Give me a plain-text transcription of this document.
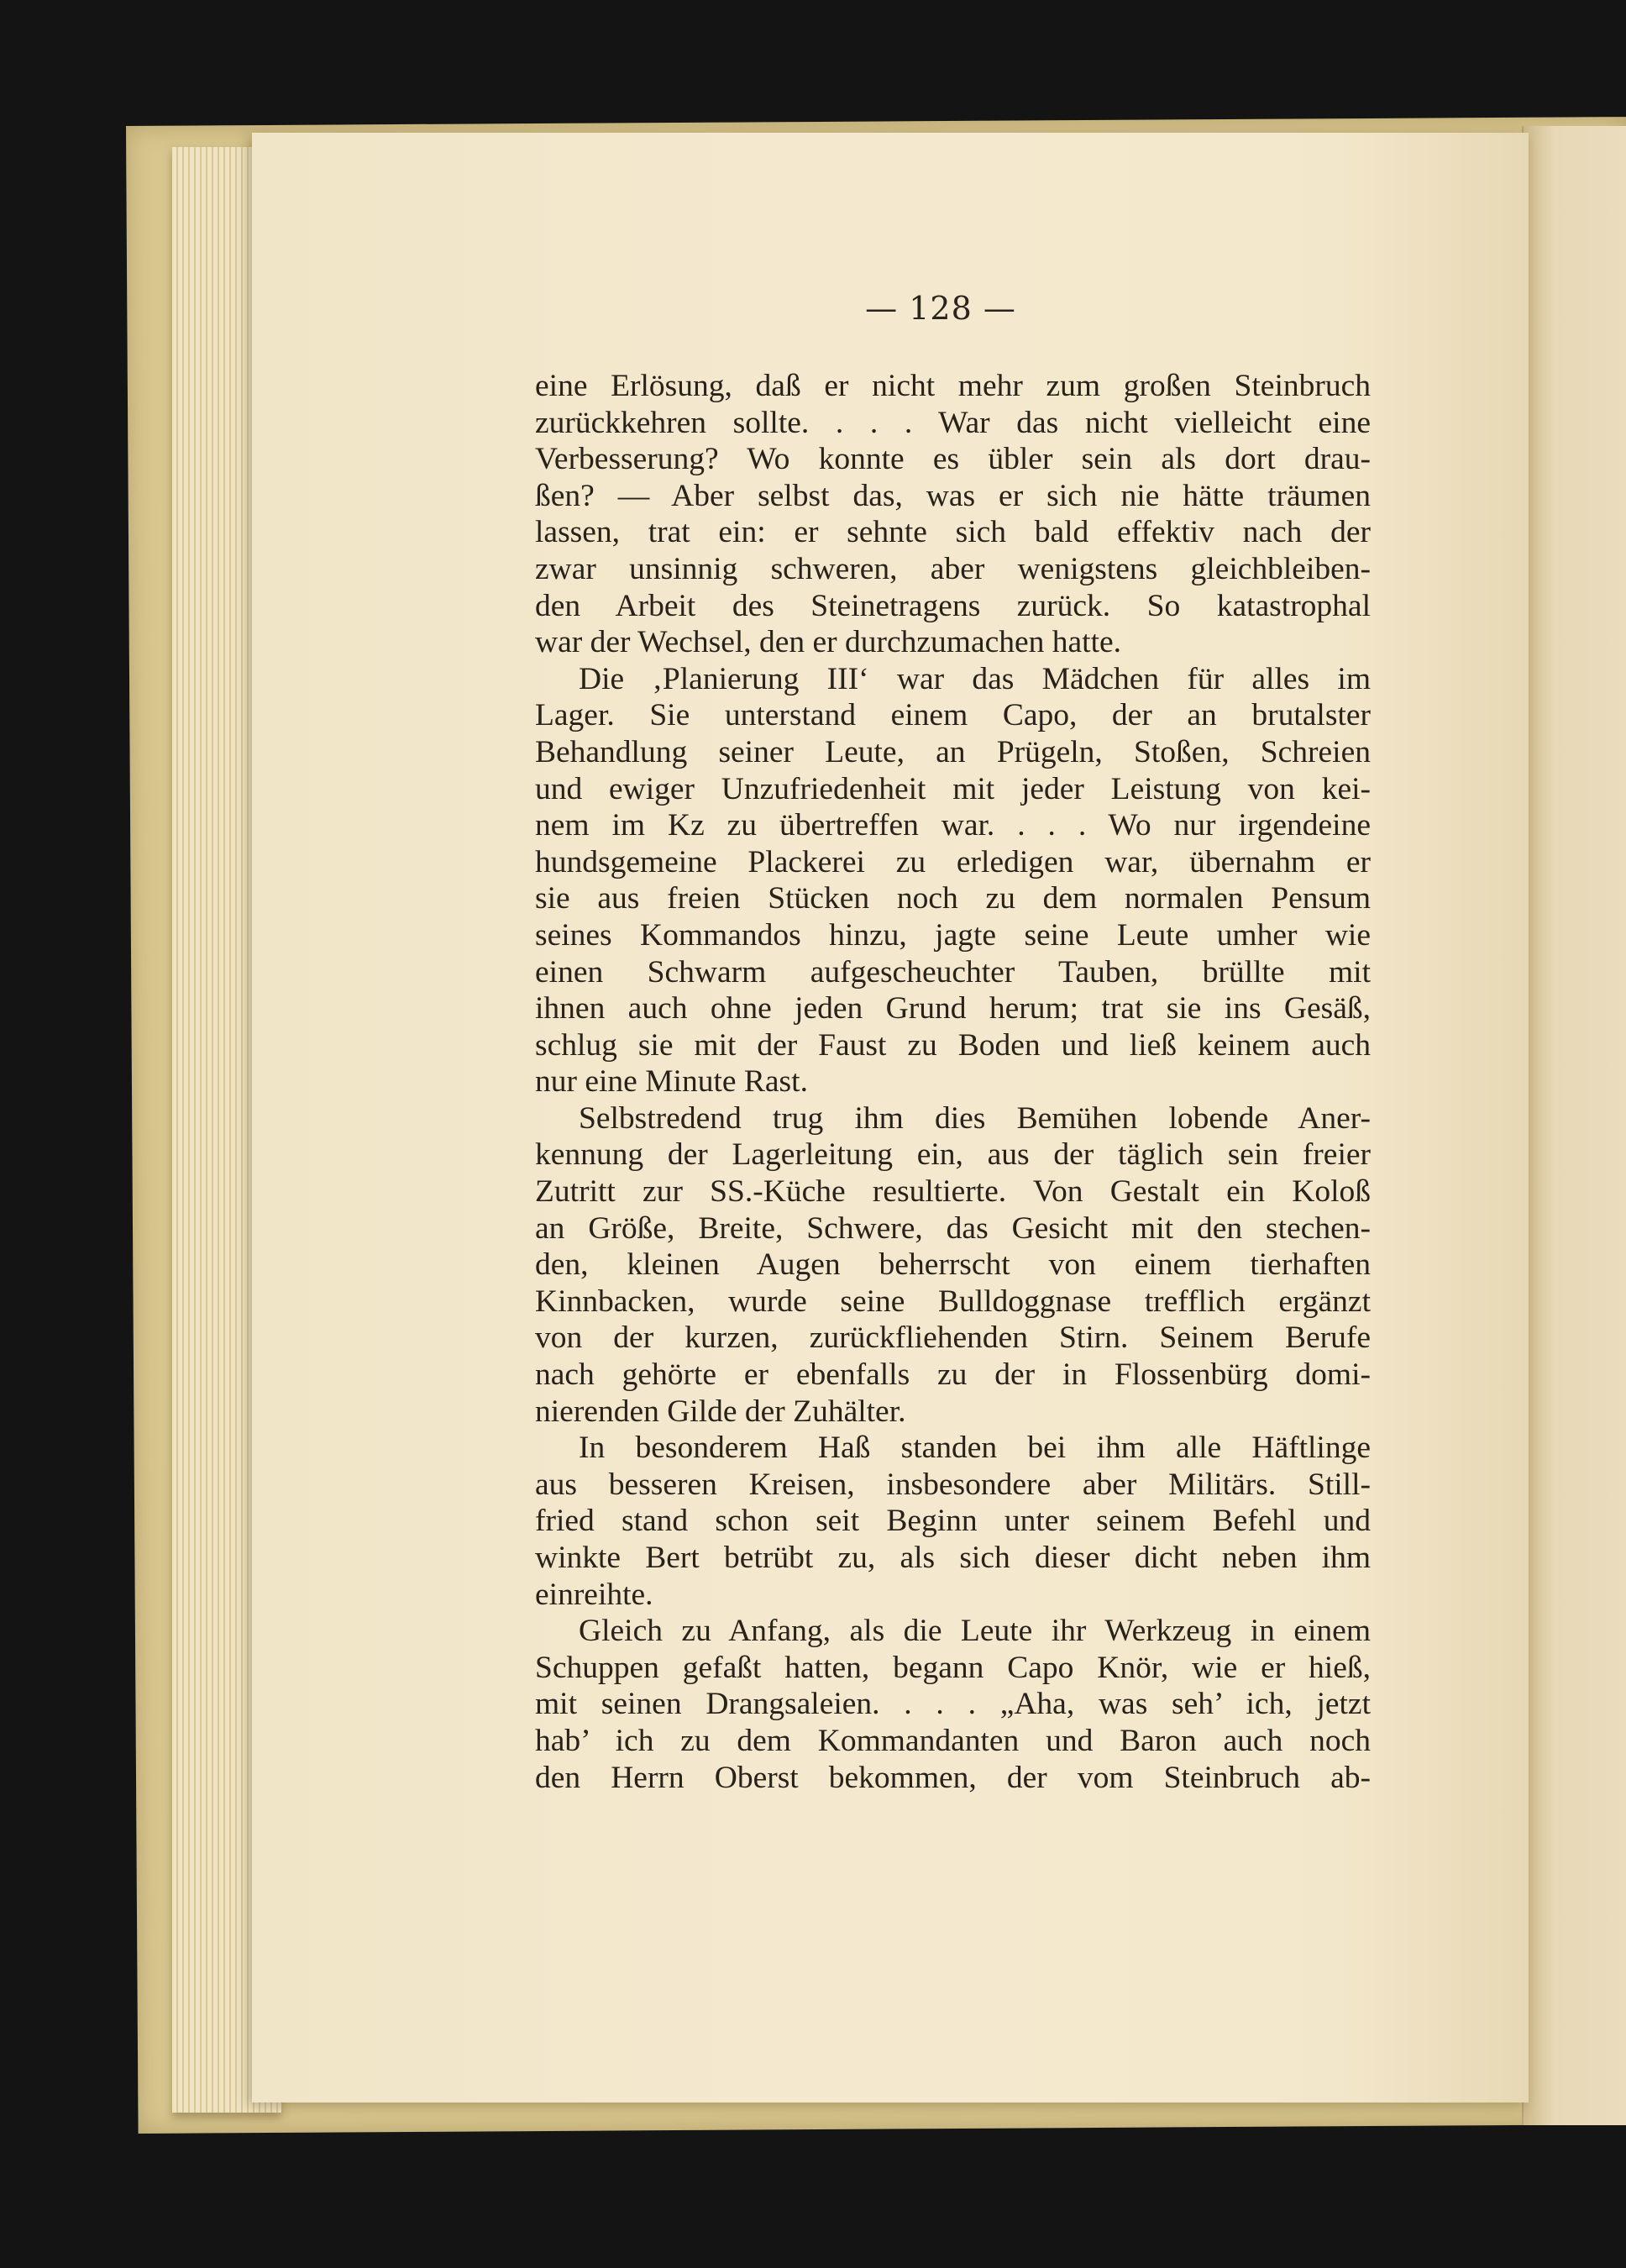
— 128 —
eine Erlösung, daß er nicht mehr zum großen Steinbruch
zurückkehren sollte. . . . War das nicht vielleicht eine
Verbesserung? Wo konnte es übler sein als dort drau-
ßen? — Aber selbst das, was er sich nie hätte träumen
lassen, trat ein: er sehnte sich bald effektiv nach der
zwar unsinnig schweren, aber wenigstens gleichbleiben-
den Arbeit des Steinetragens zurück. So katastrophal
war der Wechsel, den er durchzumachen hatte.
Die ‚Planierung III‘ war das Mädchen für alles im
Lager. Sie unterstand einem Capo, der an brutalster
Behandlung seiner Leute, an Prügeln, Stoßen, Schreien
und ewiger Unzufriedenheit mit jeder Leistung von kei-
nem im Kz zu übertreffen war. . . . Wo nur irgendeine
hundsgemeine Plackerei zu erledigen war, übernahm er
sie aus freien Stücken noch zu dem normalen Pensum
seines Kommandos hinzu, jagte seine Leute umher wie
einen Schwarm aufgescheuchter Tauben, brüllte mit
ihnen auch ohne jeden Grund herum; trat sie ins Gesäß,
schlug sie mit der Faust zu Boden und ließ keinem auch
nur eine Minute Rast.
Selbstredend trug ihm dies Bemühen lobende Aner-
kennung der Lagerleitung ein, aus der täglich sein freier
Zutritt zur SS.-Küche resultierte. Von Gestalt ein Koloß
an Größe, Breite, Schwere, das Gesicht mit den stechen-
den, kleinen Augen beherrscht von einem tierhaften
Kinnbacken, wurde seine Bulldoggnase trefflich ergänzt
von der kurzen, zurückfliehenden Stirn. Seinem Berufe
nach gehörte er ebenfalls zu der in Flossenbürg domi-
nierenden Gilde der Zuhälter.
In besonderem Haß standen bei ihm alle Häftlinge
aus besseren Kreisen, insbesondere aber Militärs. Still-
fried stand schon seit Beginn unter seinem Befehl und
winkte Bert betrübt zu, als sich dieser dicht neben ihm
einreihte.
Gleich zu Anfang, als die Leute ihr Werkzeug in einem
Schuppen gefaßt hatten, begann Capo Knör, wie er hieß,
mit seinen Drangsaleien. . . . „Aha, was seh’ ich, jetzt
hab’ ich zu dem Kommandanten und Baron auch noch
den Herrn Oberst bekommen, der vom Steinbruch ab-
